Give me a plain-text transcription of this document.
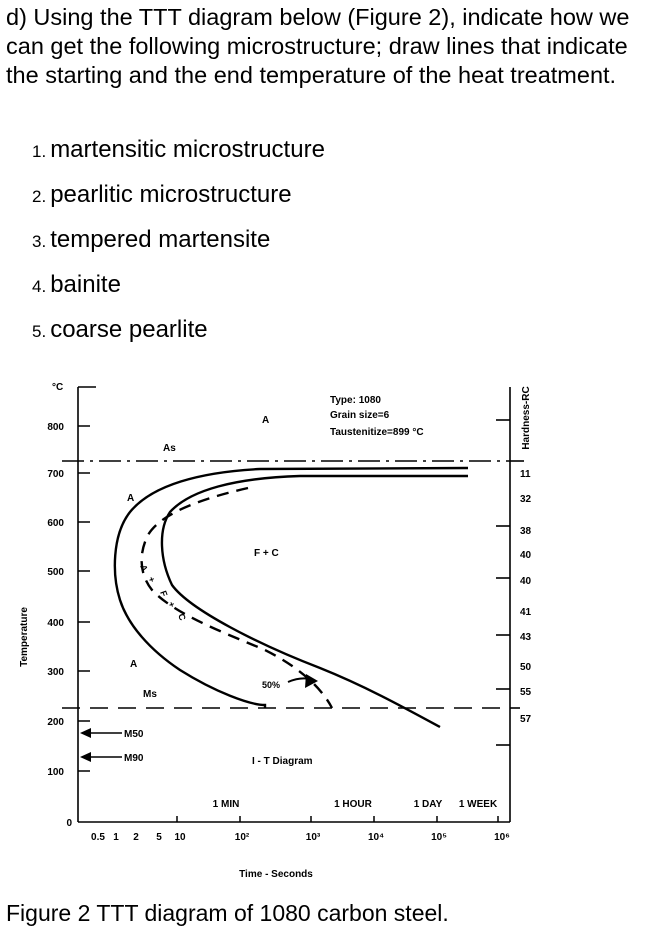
d) Using the TTT diagram below (Figure 2), indicate how we can get the following microstructure; draw lines that indicate the starting and the end temperature of the heat treatment.

1. martensitic microstructure
2. pearlitic microstructure
3. tempered martensite
4. bainite
5. coarse pearlite
°C
Temperature
800
700
600
500
400
300
200
100
0
0.5 1 2 5 10	10²	10³	10⁴	10⁵	10⁶
Time - Seconds
1 MIN	1 HOUR	1 DAY 1 WEEK
Type: 1080
Grain size=6
Taustenitize=899 °C	Hardness-RC
11
32
38
40
40
41
43
50
55
57
A
As
A
F + C
A
Ms
50%
M50
M90	I - T Diagram
A
+
F
+
C

Figure 2 TTT diagram of 1080 carbon steel.
